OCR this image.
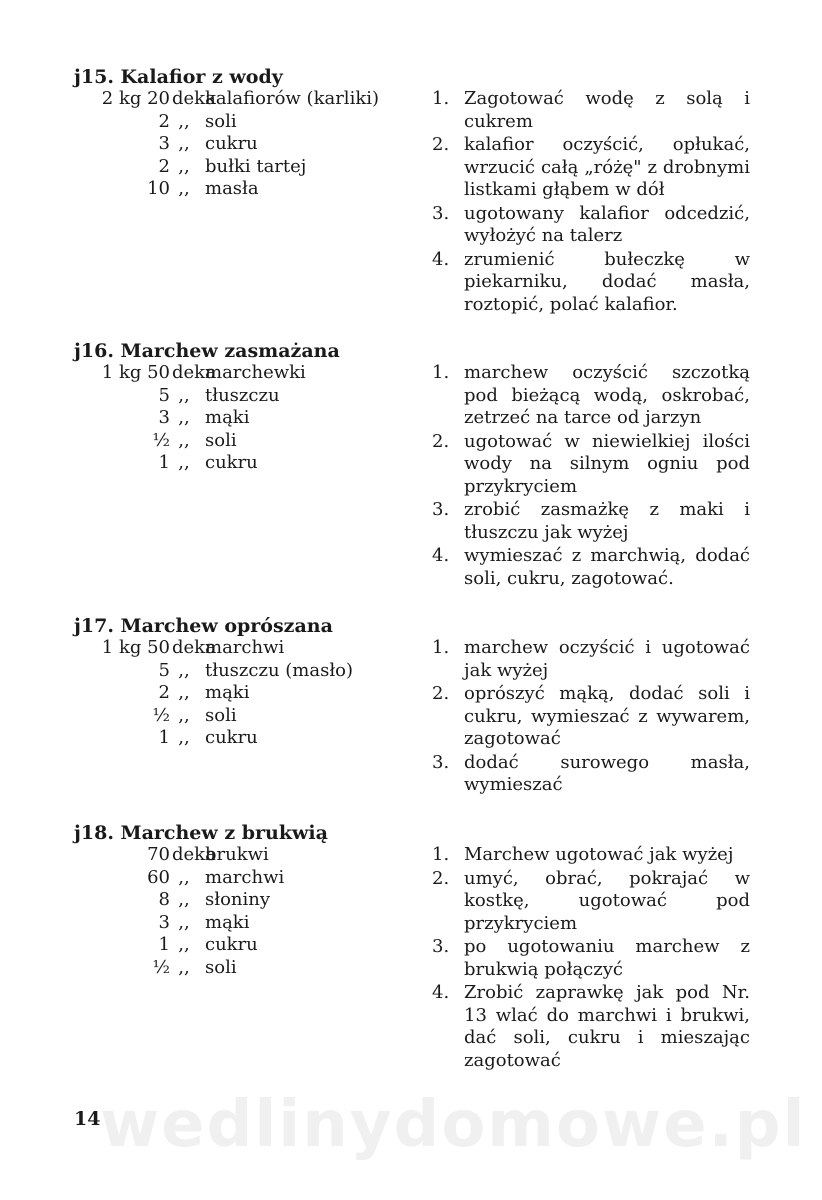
j15. Kalafior z wody
2 kg 20 deka
kalafiorów (karliki)
2 ,, soli
3 ,, cukru
2 ,, bułki tartej
10 ,, masła
1. Zagotować wodę z solą i cukrem
2. kalafior oczyścić, opłukać, wrzucić całą „różę" z drobnymi listkami głąbem w dół
3. ugotowany kalafior odcedzić, wyłożyć na talerz
4. zrumienić bułeczkę w piekarniku, dodać masła, roztopić, polać kalafior.
j16. Marchew zasmażana
1 kg 50 deka
marchewki
5 ,, tłuszczu
3 ,, mąki
½ ,, soli
1 ,, cukru
1. marchew oczyścić szczotką pod bieżącą wodą, oskrobać, zetrzeć na tarce od jarzyn
2. ugotować w niewielkiej ilości wody na silnym ogniu pod przykryciem
3. zrobić zasmażkę z maki i tłuszczu jak wyżej
4. wymieszać z marchwią, dodać soli, cukru, zagotować.
j17. Marchew oprószana
1 kg 50 deka
marchwi
5 ,, tłuszczu (masło)
2 ,, mąki
½ ,, soli
1 ,, cukru
1. marchew oczyścić i ugotować jak wyżej
2. oprószyć mąką, dodać soli i cukru, wymieszać z wywarem, zagotować
3. dodać surowego masła, wymieszać
j18. Marchew z brukwią
70 deka
brukwi
60 ,, marchwi
8 ,, słoniny
3 ,, mąki
1 ,, cukru
½ ,, soli
1. Marchew ugotować jak wyżej
2. umyć, obrać, pokrajać w kostkę, ugotować pod przykryciem
3. po ugotowaniu marchew z brukwią połączyć
4. Zrobić zaprawkę jak pod Nr. 13 wlać do marchwi i brukwi, dać soli, cukru i mieszając zagotować
14 wedlinydomowe.pl
